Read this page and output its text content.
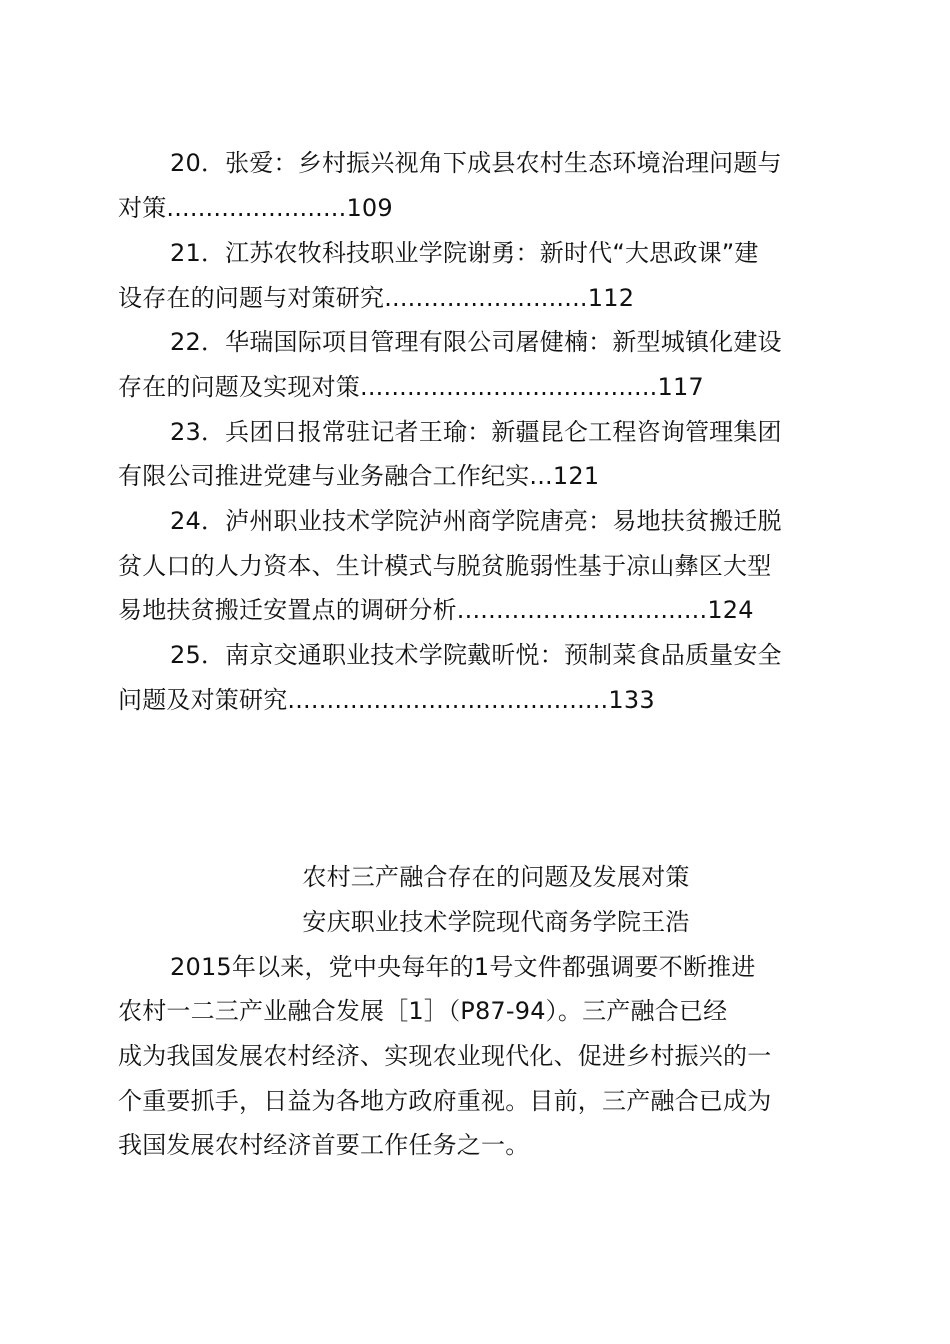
20．张爱：乡村振兴视角下成县农村生态环境治理问题与
对策.......................109
21．江苏农牧科技职业学院谢勇：新时代“大思政课”建
设存在的问题与对策研究..........................112
22．华瑞国际项目管理有限公司屠健楠：新型城镇化建设
存在的问题及实现对策......................................117
23．兵团日报常驻记者王瑜：新疆昆仑工程咨询管理集团
有限公司推进党建与业务融合工作纪实...121
24．泸州职业技术学院泸州商学院唐亮：易地扶贫搬迁脱
贫人口的人力资本、生计模式与脱贫脆弱性基于凉山彝区大型
易地扶贫搬迁安置点的调研分析................................124
25．南京交通职业技术学院戴昕悦：预制菜食品质量安全
问题及对策研究.........................................133
农村三产融合存在的问题及发展对策
安庆职业技术学院现代商务学院王浩
2015年以来，党中央每年的1号文件都强调要不断推进
农村一二三产业融合发展［1］（P87-94）。三产融合已经
成为我国发展农村经济、实现农业现代化、促进乡村振兴的一
个重要抓手，日益为各地方政府重视。目前，三产融合已成为
我国发展农村经济首要工作任务之一。
